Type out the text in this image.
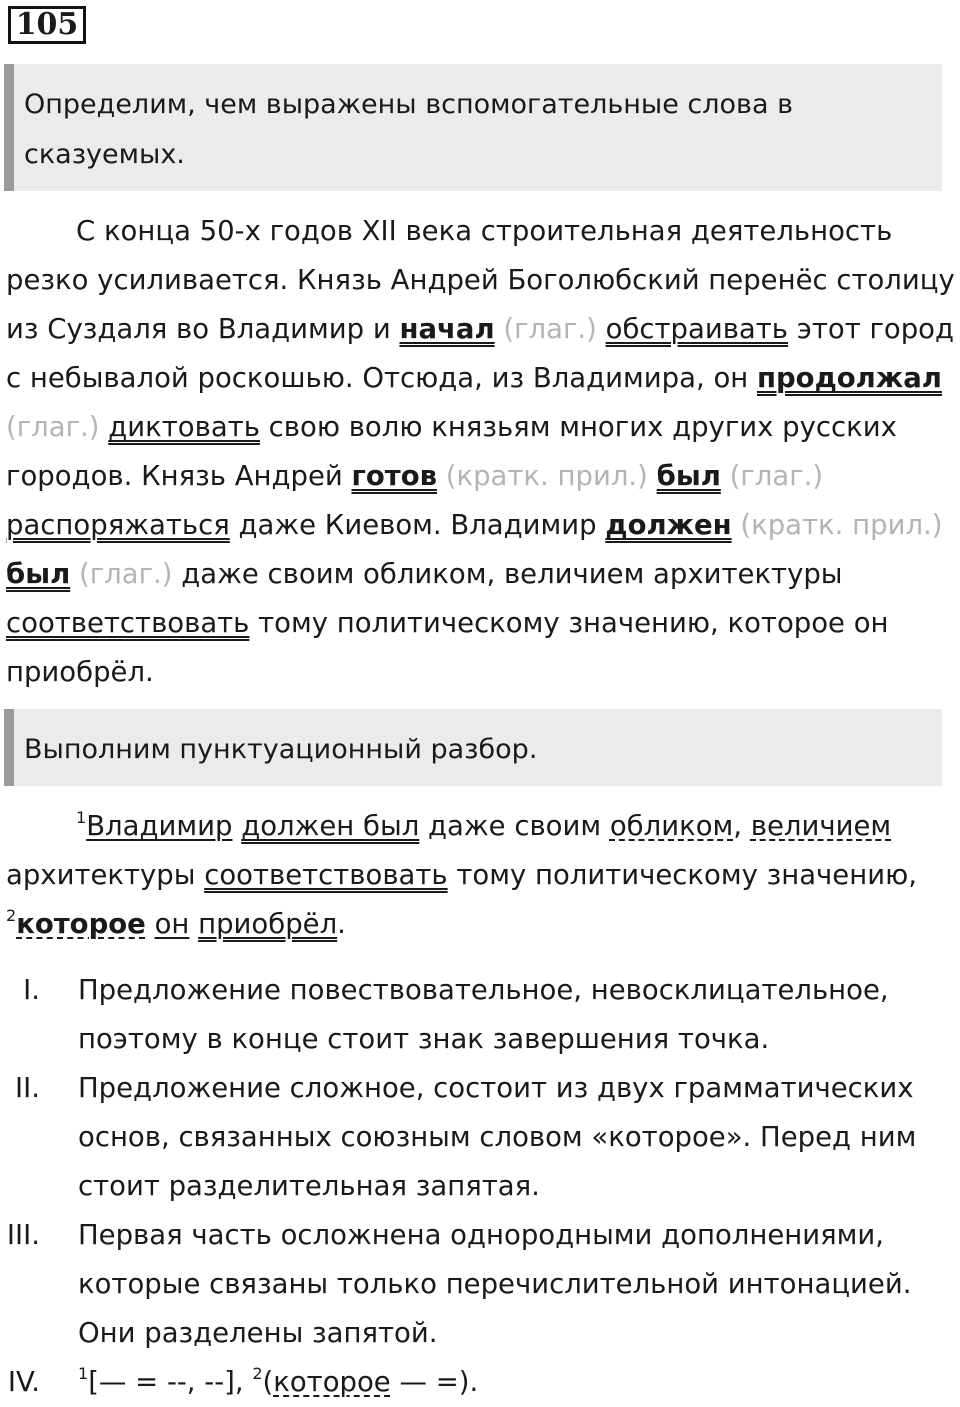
105
Определим, чем выражены вспомогательные слова в сказуемых.
С конца 50-х годов XII века строительная деятельность резко усиливается. Князь Андрей Боголюбский перенёс столицу из Суздаля во Владимир и начал (глаг.) обстраивать этот город с небывалой роскошью. Отсюда, из Владимира, он продолжал (глаг.) диктовать свою волю князьям многих других русских городов. Князь Андрей готов (кратк. прил.) был (глаг.) распоряжаться даже Киевом. Владимир должен (кратк. прил.) был (глаг.) даже своим обликом, величием архитектуры соответствовать тому политическому значению, которое он приобрёл.
Выполним пунктуационный разбор.
$^1$Владимир должен был даже своим обликом, величием архитектуры соответствовать тому политическому значению, $^2$которое он приобрёл.
I. Предложение повествовательное, невосклицательное, поэтому в конце стоит знак завершения точка.
II. Предложение сложное, состоит из двух грамматических основ, связанных союзным словом «которое». Перед ним стоит разделительная запятая.
III. Первая часть осложнена однородными дополнениями, которые связаны только перечислительной интонацией. Они разделены запятой.
IV. $^1$[— = --, --], $^2$(которое — =).
